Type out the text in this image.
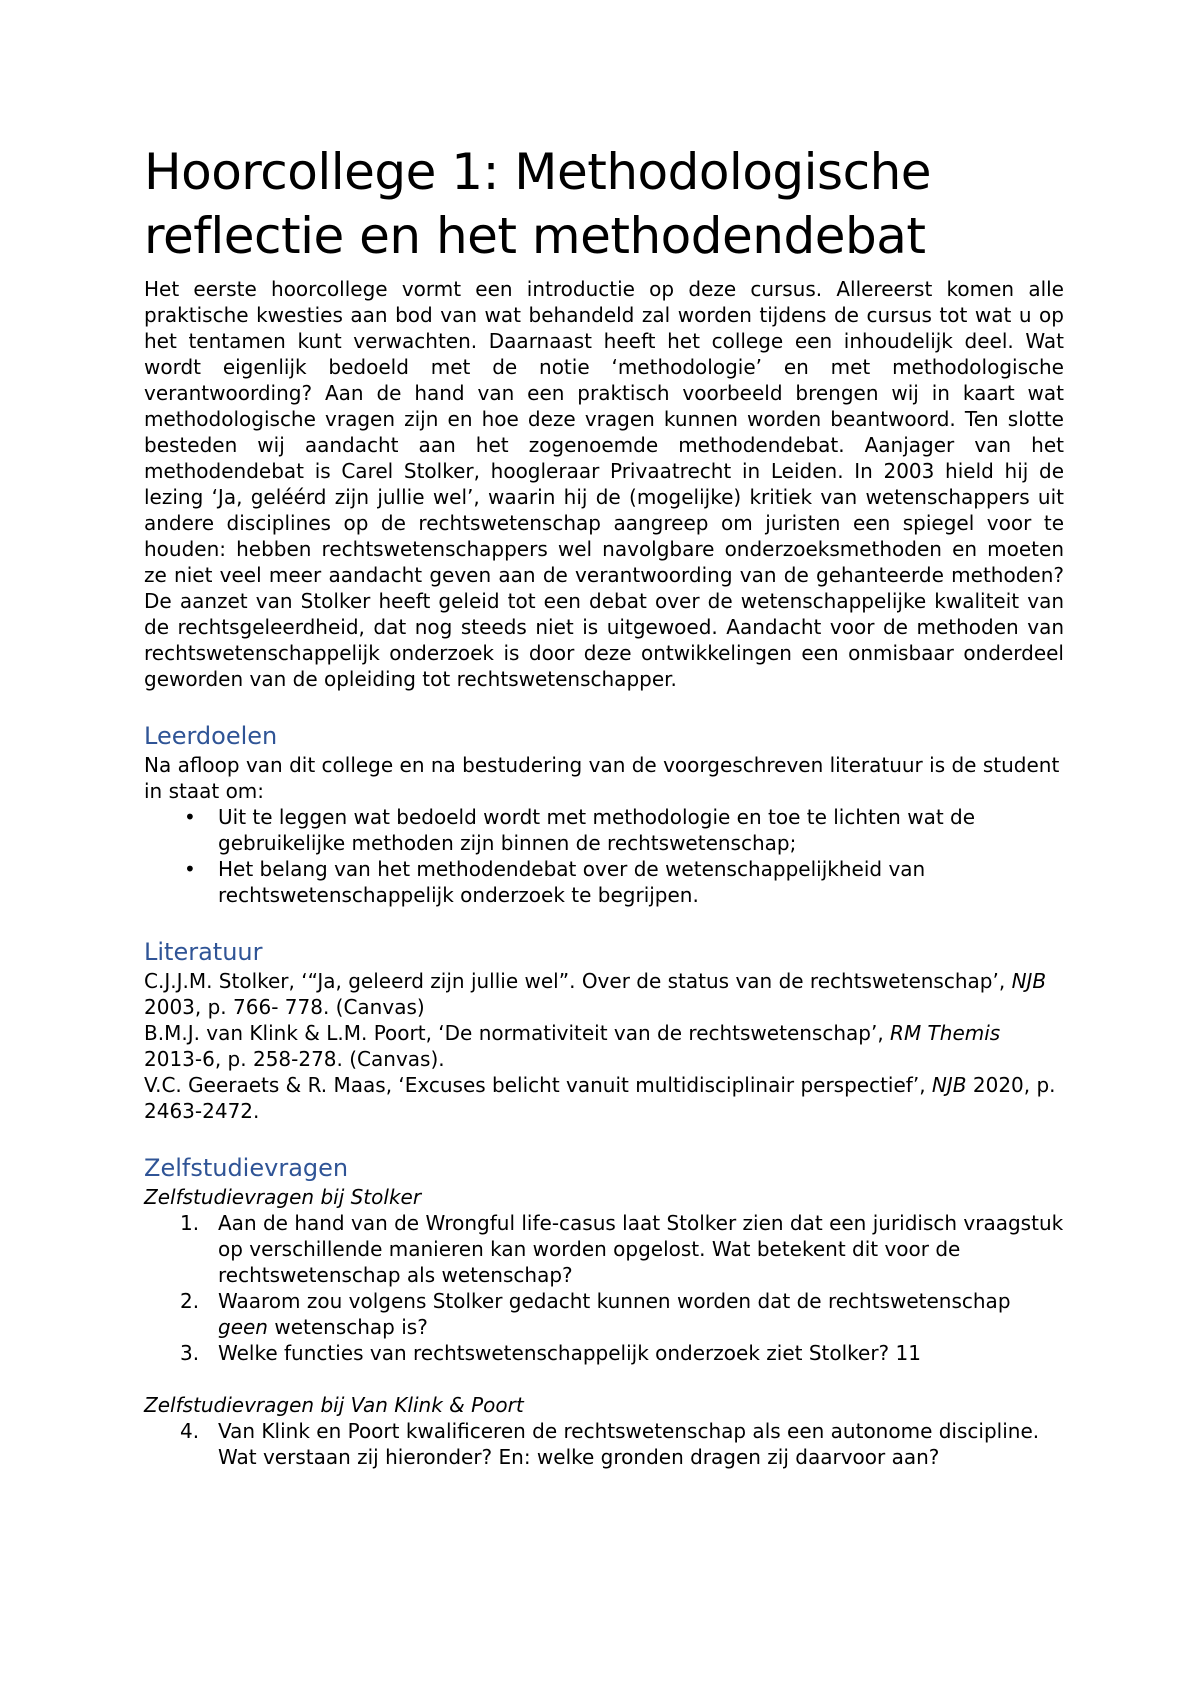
Hoorcollege 1: Methodologische reflectie en het methodendebat

Het eerste hoorcollege vormt een introductie op deze cursus. Allereerst komen alle praktische kwesties aan bod van wat behandeld zal worden tijdens de cursus tot wat u op het tentamen kunt verwachten. Daarnaast heeft het college een inhoudelijk deel. Wat wordt eigenlijk bedoeld met de notie ‘methodologie’ en met methodologische verantwoording? Aan de hand van een praktisch voorbeeld brengen wij in kaart wat methodologische vragen zijn en hoe deze vragen kunnen worden beantwoord. Ten slotte besteden wij aandacht aan het zogenoemde methodendebat. Aanjager van het methodendebat is Carel Stolker, hoogleraar Privaatrecht in Leiden. In 2003 hield hij de lezing ‘Ja, geléérd zijn jullie wel’, waarin hij de (mogelijke) kritiek van wetenschappers uit andere disciplines op de rechtswetenschap aangreep om juristen een spiegel voor te houden: hebben rechtswetenschappers wel navolgbare onderzoeksmethoden en moeten ze niet veel meer aandacht geven aan de verantwoording van de gehanteerde methoden? De aanzet van Stolker heeft geleid tot een debat over de wetenschappelijke kwaliteit van de rechtsgeleerdheid, dat nog steeds niet is uitgewoed. Aandacht voor de methoden van rechtswetenschappelijk onderzoek is door deze ontwikkelingen een onmisbaar onderdeel geworden van de opleiding tot rechtswetenschapper.

Leerdoelen

Na afloop van dit college en na bestudering van de voorgeschreven literatuur is de student in staat om:

• Uit te leggen wat bedoeld wordt met methodologie en toe te lichten wat de gebruikelijke methoden zijn binnen de rechtswetenschap;
• Het belang van het methodendebat over de wetenschappelijkheid van rechtswetenschappelijk onderzoek te begrijpen.
Literatuur

C.J.J.M. Stolker, ‘“Ja, geleerd zijn jullie wel”. Over de status van de rechtswetenschap’, NJB 2003, p. 766- 778. (Canvas)

B.M.J. van Klink & L.M. Poort, ‘De normativiteit van de rechtswetenschap’, RM Themis 2013-6, p. 258-278. (Canvas).

V.C. Geeraets & R. Maas, ‘Excuses belicht vanuit multidisciplinair perspectief’, NJB 2020, p. 2463-2472.

Zelfstudievragen

Zelfstudievragen bij Stolker

1. Aan de hand van de Wrongful life-casus laat Stolker zien dat een juridisch vraagstuk op verschillende manieren kan worden opgelost. Wat betekent dit voor de rechtswetenschap als wetenschap?
2. Waarom zou volgens Stolker gedacht kunnen worden dat de rechtswetenschap geen wetenschap is?
3. Welke functies van rechtswetenschappelijk onderzoek ziet Stolker? 11

Zelfstudievragen bij Van Klink & Poort

4. Van Klink en Poort kwalificeren de rechtswetenschap als een autonome discipline. Wat verstaan zij hieronder? En: welke gronden dragen zij daarvoor aan?
